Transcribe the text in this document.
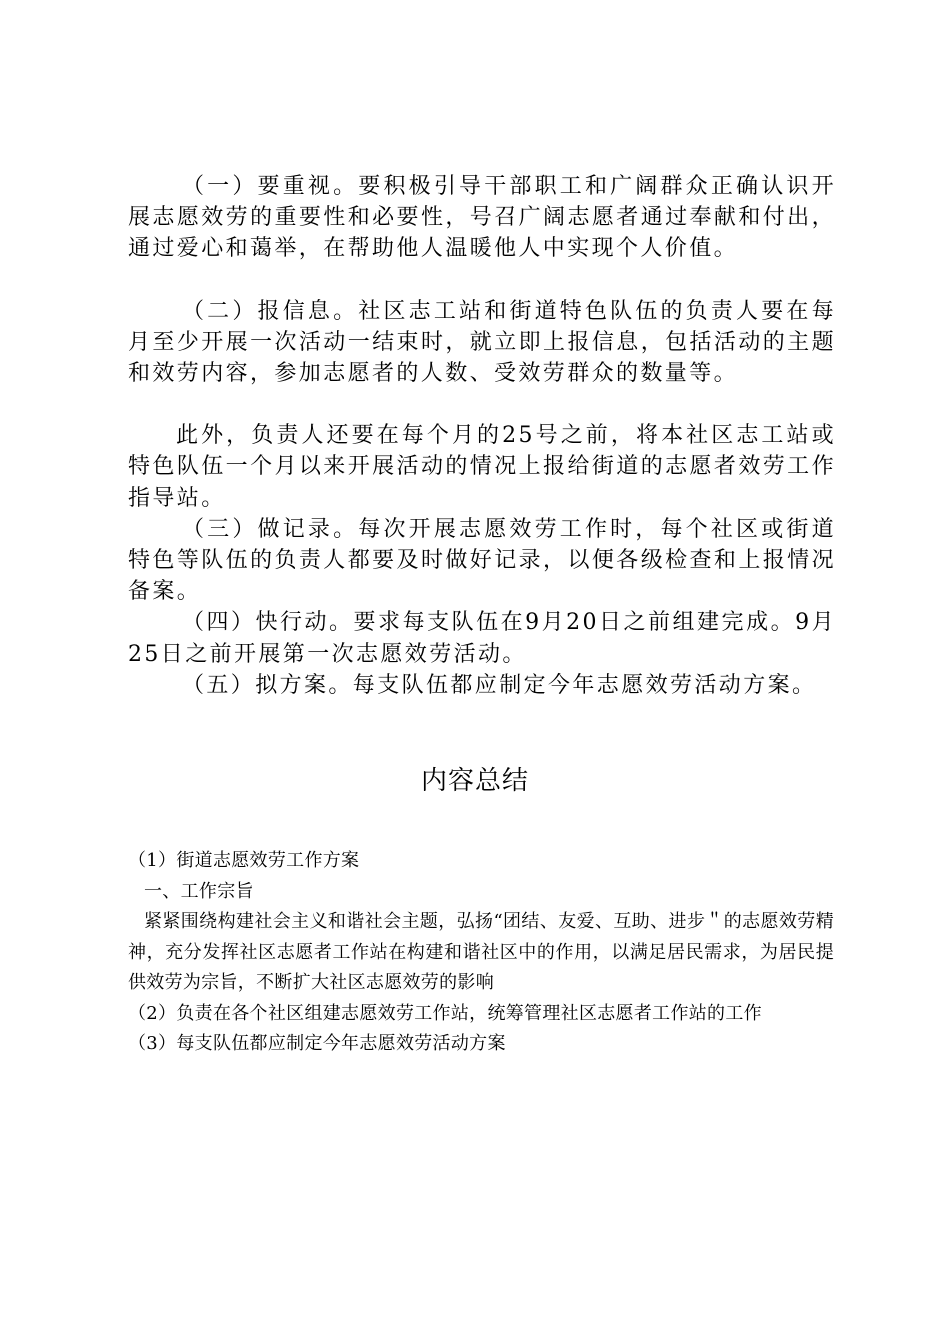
（一）要重视。要积极引导干部职工和广阔群众正确认识开展志愿效劳的重要性和必要性，号召广阔志愿者通过奉献和付出，通过爱心和蔼举，在帮助他人温暖他人中实现个人价值。

（二）报信息。社区志工站和街道特色队伍的负责人要在每月至少开展一次活动一结束时，就立即上报信息，包括活动的主题和效劳内容，参加志愿者的人数、受效劳群众的数量等。

此外，负责人还要在每个月的25号之前，将本社区志工站或特色队伍一个月以来开展活动的情况上报给街道的志愿者效劳工作指导站。

（三）做记录。每次开展志愿效劳工作时，每个社区或街道特色等队伍的负责人都要及时做好记录，以便各级检查和上报情况备案。

（四）快行动。要求每支队伍在9月20日之前组建完成。9月25日之前开展第一次志愿效劳活动。

（五）拟方案。每支队伍都应制定今年志愿效劳活动方案。

内容总结

（1）街道志愿效劳工作方案

一、工作宗旨

紧紧围绕构建社会主义和谐社会主题，弘扬“团结、友爱、互助、进步＂的志愿效劳精神，充分发挥社区志愿者工作站在构建和谐社区中的作用，以满足居民需求，为居民提供效劳为宗旨，不断扩大社区志愿效劳的影响

（2）负责在各个社区组建志愿效劳工作站，统筹管理社区志愿者工作站的工作

（3）每支队伍都应制定今年志愿效劳活动方案
